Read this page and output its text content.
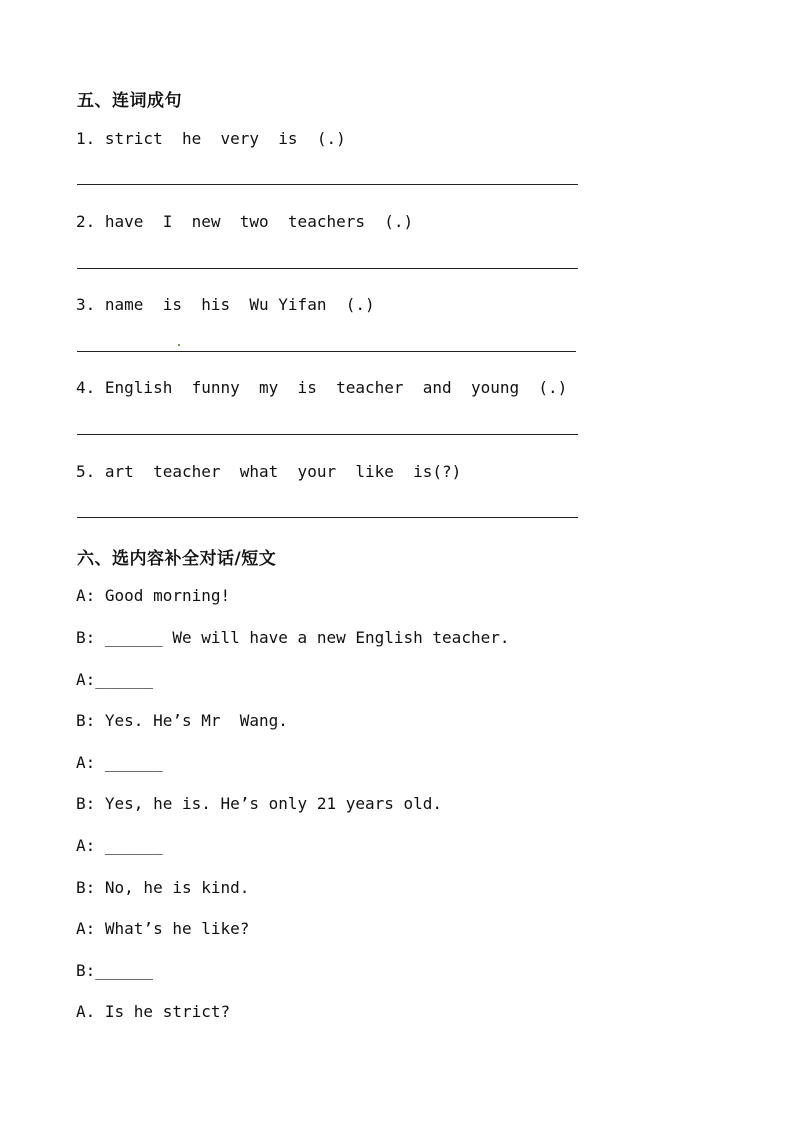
五、连词成句
1. strict  he  very  is  (.)
2. have  I  new  two  teachers  (.)
3. name  is  his  Wu Yifan  (.)
4. English  funny  my  is  teacher  and  young  (.)
5. art  teacher  what  your  like  is(?)
六、选内容补全对话/短文
A: Good morning!
B: ______ We will have a new English teacher.
A:______
B: Yes. He’s Mr  Wang.
A: ______
B: Yes, he is. He’s only 21 years old.
A: ______
B: No, he is kind.
A: What’s he like?
B:______
A. Is he strict?
